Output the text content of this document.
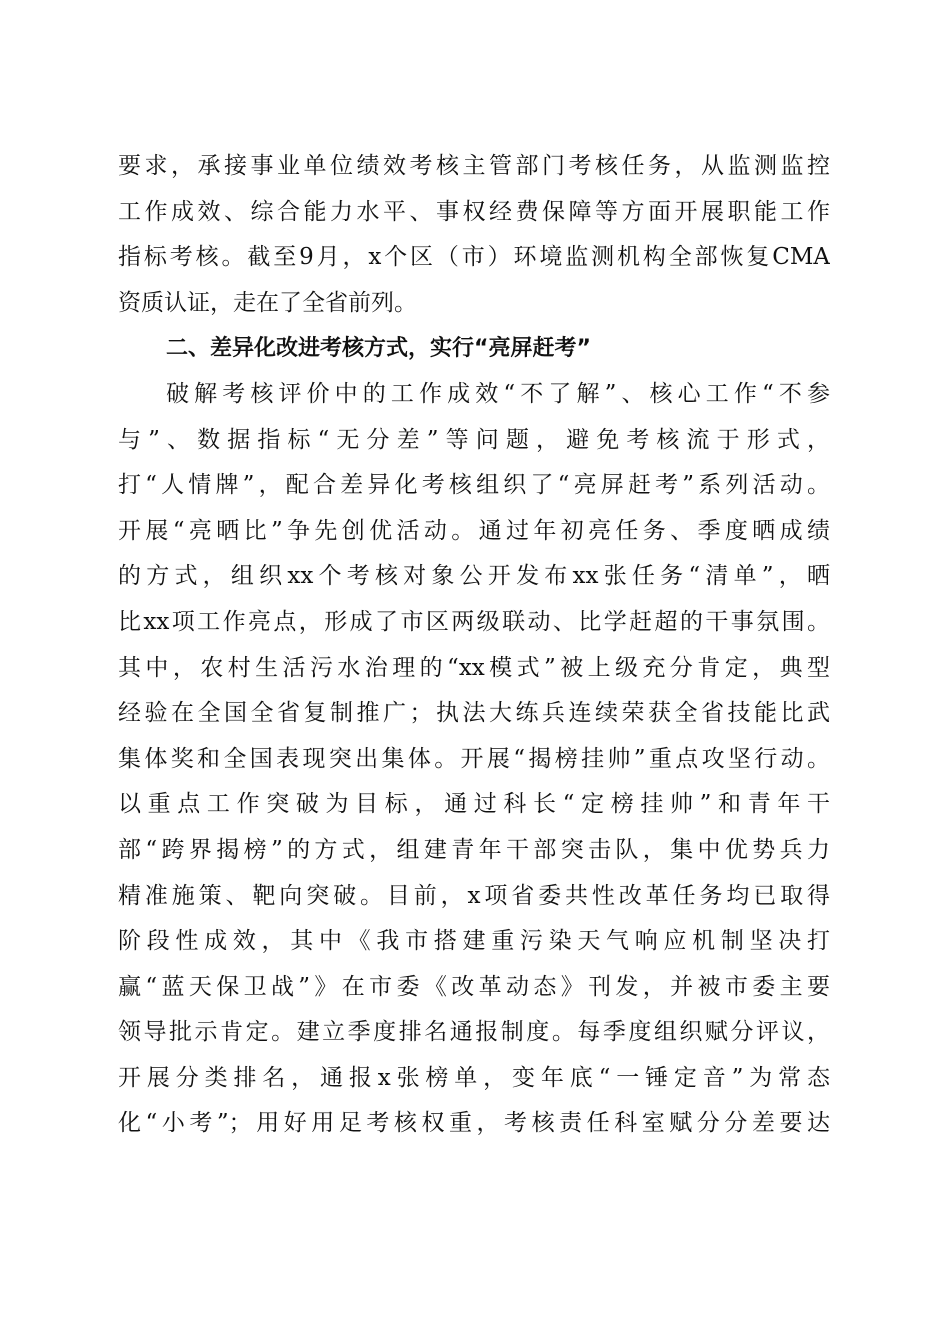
要求，承接事业单位绩效考核主管部门考核任务，从监测监控
工作成效、综合能力水平、事权经费保障等方面开展职能工作
指标考核。截至9月，x个区（市）环境监测机构全部恢复CMA
资质认证，走在了全省前列。
二、差异化改进考核方式，实行“亮屏赶考”
破解考核评价中的工作成效“不了解”、核心工作“不参
与”、数据指标“无分差”等问题，避免考核流于形式，
打“人情牌”，配合差异化考核组织了“亮屏赶考”系列活动。
开展“亮晒比”争先创优活动。通过年初亮任务、季度晒成绩
的方式，组织xx个考核对象公开发布xx张任务“清单”，晒
比xx项工作亮点，形成了市区两级联动、比学赶超的干事氛围。
其中，农村生活污水治理的“xx模式”被上级充分肯定，典型
经验在全国全省复制推广；执法大练兵连续荣获全省技能比武
集体奖和全国表现突出集体。开展“揭榜挂帅”重点攻坚行动。
以重点工作突破为目标，通过科长“定榜挂帅”和青年干
部“跨界揭榜”的方式，组建青年干部突击队，集中优势兵力
精准施策、靶向突破。目前，x项省委共性改革任务均已取得
阶段性成效，其中《我市搭建重污染天气响应机制坚决打
赢“蓝天保卫战”》在市委《改革动态》刊发，并被市委主要
领导批示肯定。建立季度排名通报制度。每季度组织赋分评议，
开展分类排名，通报x张榜单，变年底“一锤定音”为常态
化“小考”；用好用足考核权重，考核责任科室赋分分差要达
